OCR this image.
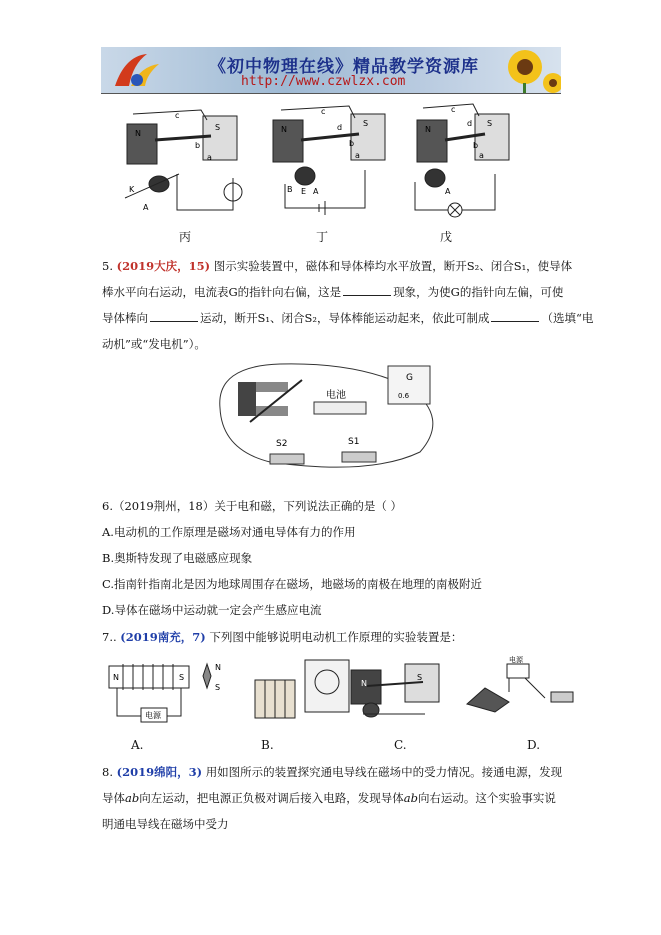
《初中物理在线》精品教学资源库
http://www.czwlzx.com
N
c
S
b
a
K
A
N
c
S
d
b
a
B E A
N
c
S
d
b
a
A
丙	丁	戊
5. (2019大庆，15) 图示实验装置中，磁体和导体棒均水平放置，断开S₂、闭合S₁，使导体
棒水平向右运动，电流表G的指针向右偏，这是	现象，为使G的指针向左偏，可使
导体棒向	运动，断开S₁、闭合S₂，导体棒能运动起来，依此可制成	（选填“电
动机”或“发电机”）。
电池
G
0.6
S2	S1
6.（2019荆州，18）关于电和磁，下列说法正确的是（ ）
A.电动机的工作原理是磁场对通电导体有力的作用
B.奥斯特发现了电磁感应现象
C.指南针指南北是因为地球周围存在磁场，地磁场的南极在地理的南极附近
D.导体在磁场中运动就一定会产生感应电流
7.. (2019南充，7) 下列图中能够说明电动机工作原理的实验装置是：
N	S
电源
N
S	N
S
电源
A.	B.	C.	D.
8. (2019绵阳，3) 用如图所示的装置探究通电导线在磁场中的受力情况。接通电源，发现
导体ab向左运动，把电源正负极对调后接入电路，发现导体ab向右运动。这个实验事实说
明通电导线在磁场中受力
